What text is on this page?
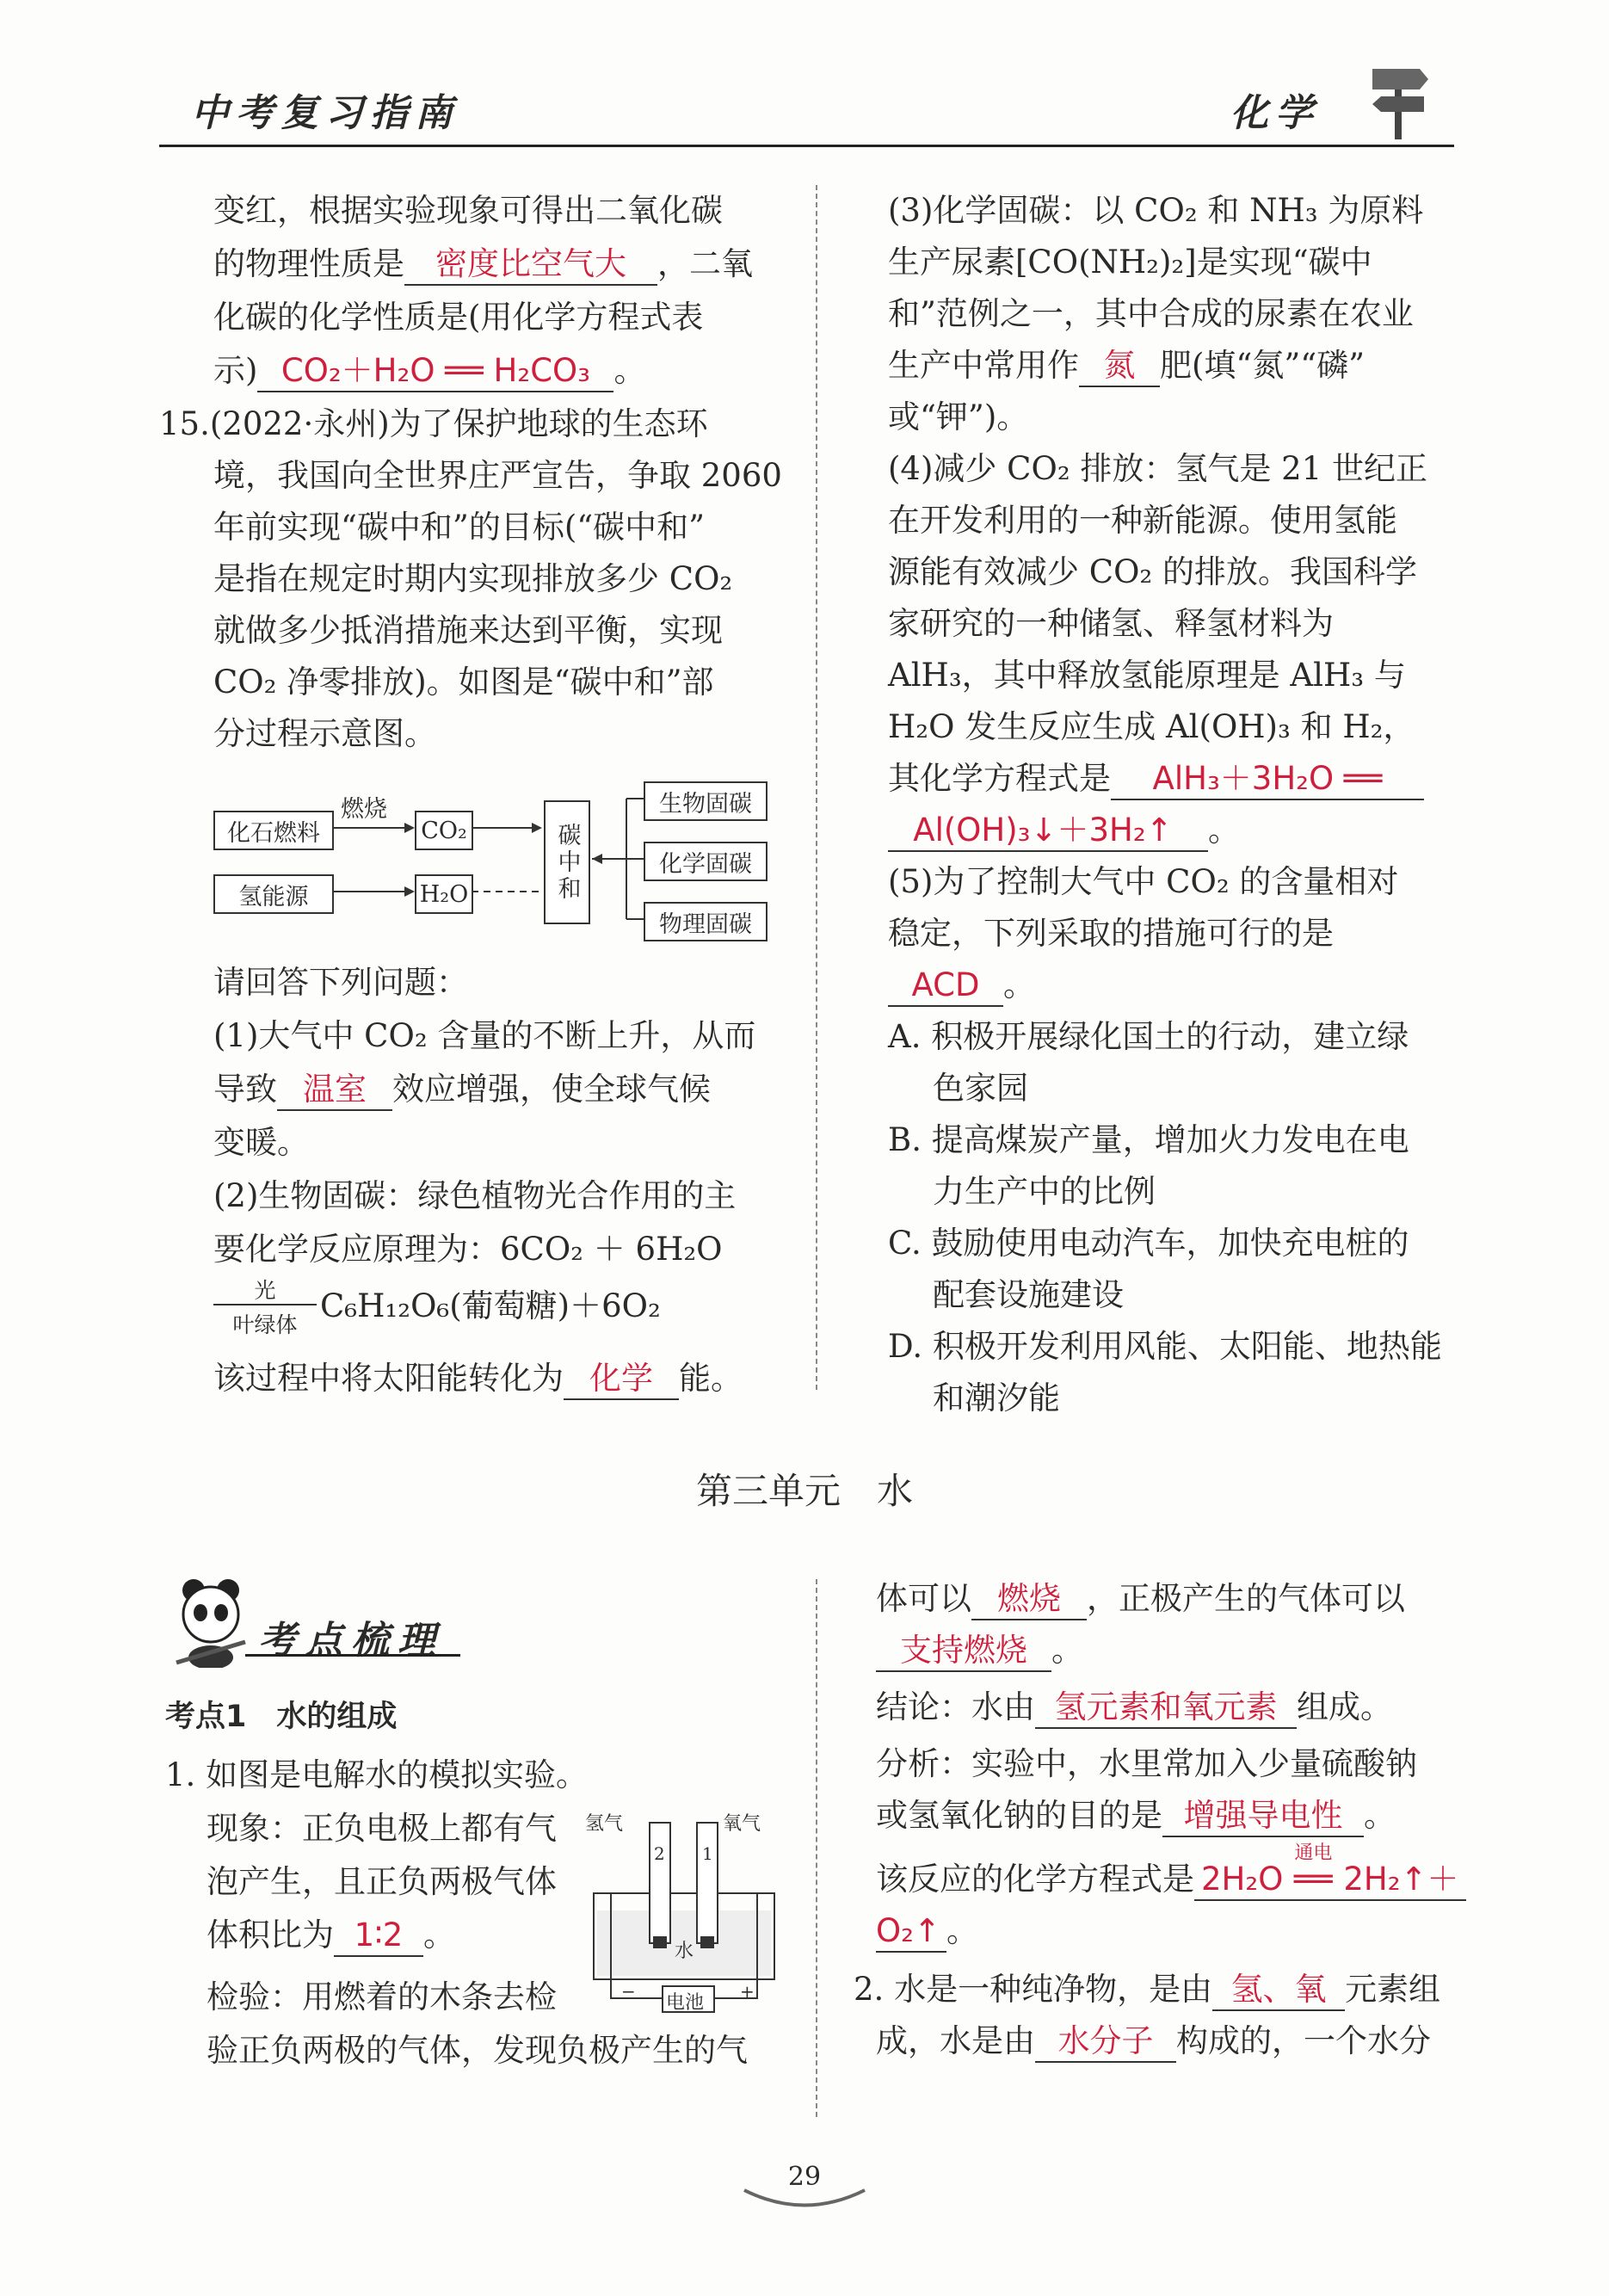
中考复习指南	化学
变红，根据实验现象可得出二氧化碳
的物理性质是 密度比空气大 ，二氧
化碳的化学性质是(用化学方程式表
示) CO₂＋H₂O ══ H₂CO₃ 。
15.(2022·永州)为了保护地球的生态环
境，我国向全世界庄严宣告，争取 2060
年前实现“碳中和”的目标(“碳中和”
是指在规定时期内实现排放多少 CO₂
就做多少抵消措施来达到平衡，实现
CO₂ 净零排放)。如图是“碳中和”部
分过程示意图。
化石燃料
燃烧
CO₂
氢能源	H₂O	碳中和
生物固碳
化学固碳
物理固碳
请回答下列问题：
(1)大气中 CO₂ 含量的不断上升，从而
导致 温室 效应增强，使全球气候
变暖。
(2)生物固碳：绿色植物光合作用的主
要化学反应原理为：6CO₂ ＋ 6H₂O
光
叶绿体
C₆H₁₂O₆(葡萄糖)＋6O₂
该过程中将太阳能转化为 化学 能。
(3)化学固碳：以 CO₂ 和 NH₃ 为原料
生产尿素[CO(NH₂)₂]是实现“碳中
和”范例之一，其中合成的尿素在农业
生产中常用作 氮 肥(填“氮”“磷”
或“钾”)。
(4)减少 CO₂ 排放：氢气是 21 世纪正
在开发利用的一种新能源。使用氢能
源能有效减少 CO₂ 的排放。我国科学
家研究的一种储氢、释氢材料为
AlH₃，其中释放氢能原理是 AlH₃ 与
H₂O 发生反应生成 Al(OH)₃ 和 H₂，
其化学方程式是 AlH₃＋3H₂O ══
Al(OH)₃↓＋3H₂↑ 。
(5)为了控制大气中 CO₂ 的含量相对
稳定，下列采取的措施可行的是
ACD 。
A. 积极开展绿化国土的行动，建立绿
色家园
B. 提高煤炭产量，增加火力发电在电
力生产中的比例
C. 鼓励使用电动汽车，加快充电桩的
配套设施建设
D. 积极开发利用风能、太阳能、地热能
和潮汐能
第三单元　水
考点梳理
考点1　水的组成
1. 如图是电解水的模拟实验。
现象：正负电极上都有气
泡产生，且正负两极气体
体积比为 1∶2 。
检验：用燃着的木条去检
验正负两极的气体，发现负极产生的气
氢气	氧气
2 1
水
电池
−	+
体可以 燃烧 ，正极产生的气体可以
支持燃烧 。
结论：水由 氢元素和氧元素 组成。
分析：实验中，水里常加入少量硫酸钠
或氢氧化钠的目的是 增强导电性 。
该反应的化学方程式是 2H₂O
通电
══ 2H₂↑＋
O₂↑ 。
2. 水是一种纯净物，是由 氢、氧 元素组
成，水是由 水分子 构成的，一个水分
29
